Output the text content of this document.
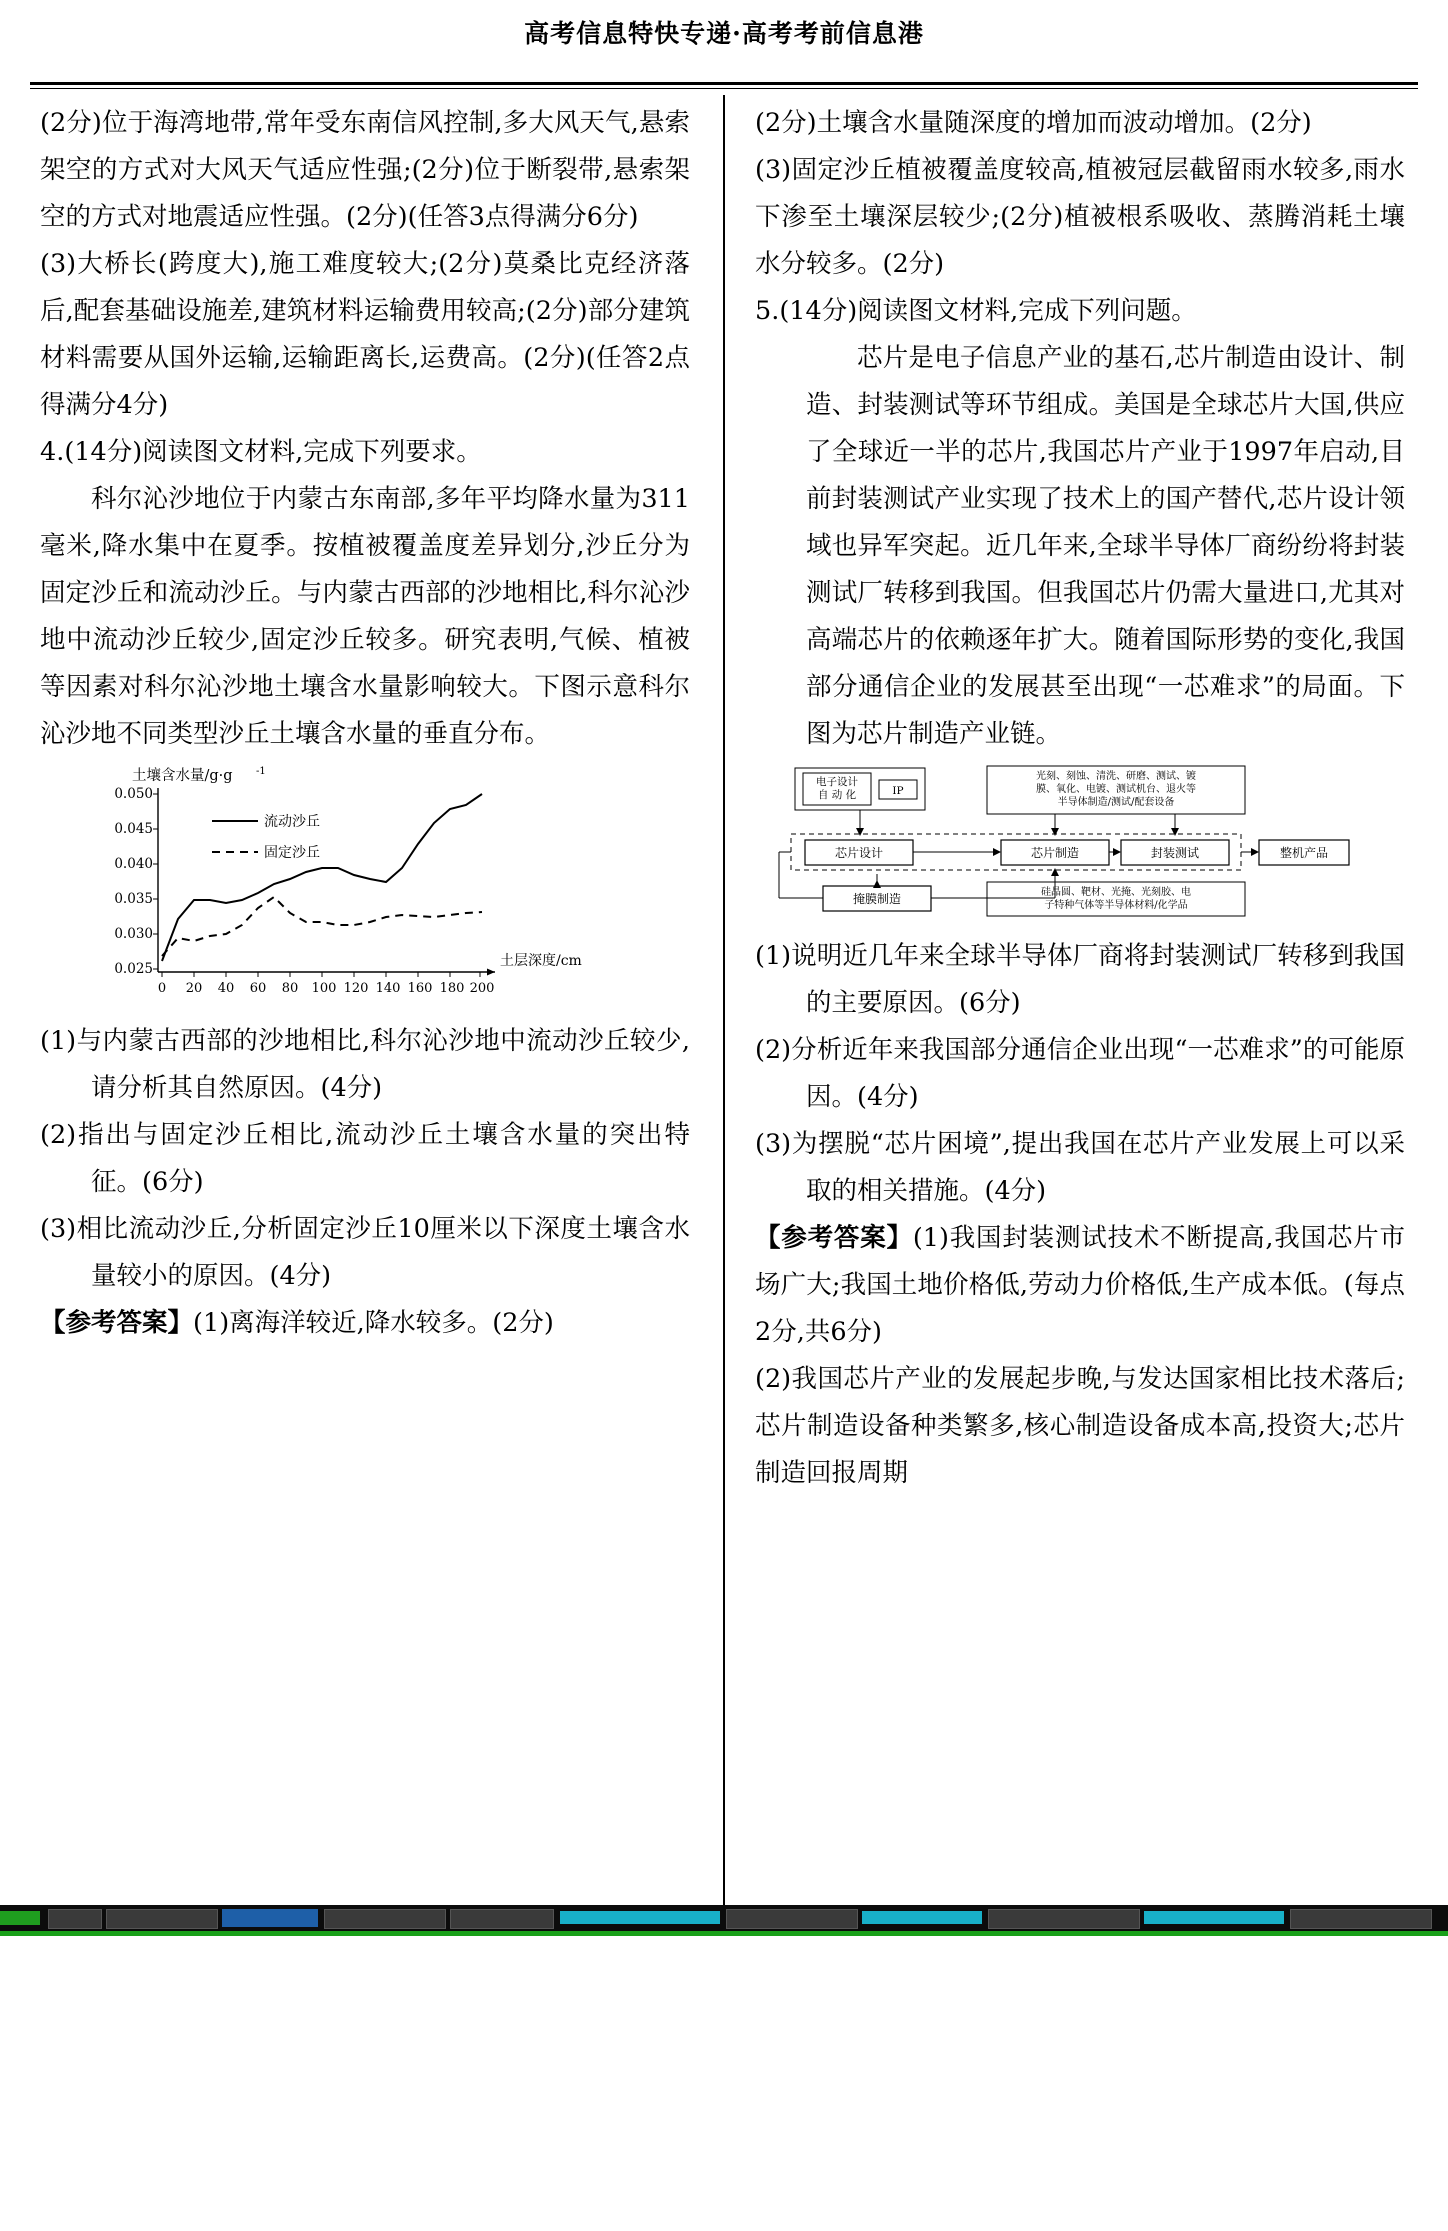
高考信息特快专递·高考考前信息港

(2分)位于海湾地带,常年受东南信风控制,多大风天气,悬索架空的方式对大风天气适应性强;(2分)位于断裂带,悬索架空的方式对地震适应性强。(2分)(任答3点得满分6分)

(3)大桥长(跨度大),施工难度较大;(2分)莫桑比克经济落后,配套基础设施差,建筑材料运输费用较高;(2分)部分建筑材料需要从国外运输,运输距离长,运费高。(2分)(任答2点得满分4分)

4.(14分)阅读图文材料,完成下列要求。

科尔沁沙地位于内蒙古东南部,多年平均降水量为311毫米,降水集中在夏季。按植被覆盖度差异划分,沙丘分为固定沙丘和流动沙丘。与内蒙古西部的沙地相比,科尔沁沙地中流动沙丘较少,固定沙丘较多。研究表明,气候、植被等因素对科尔沁沙地土壤含水量影响较大。下图示意科尔沁沙地不同类型沙丘土壤含水量的垂直分布。

土壤含水量/g·g -1
0.050
0.045
0.040
0.035
0.030
0.025
0 20 40 60 80 100 120 140 160 180 200
土层深度/cm
流动沙丘
固定沙丘

(1)与内蒙古西部的沙地相比,科尔沁沙地中流动沙丘较少,请分析其自然原因。(4分)

(2)指出与固定沙丘相比,流动沙丘土壤含水量的突出特征。(6分)

(3)相比流动沙丘,分析固定沙丘10厘米以下深度土壤含水量较小的原因。(4分)

【参考答案】(1)离海洋较近,降水较多。(2分)

(2分)土壤含水量随深度的增加而波动增加。(2分)

(3)固定沙丘植被覆盖度较高,植被冠层截留雨水较多,雨水下渗至土壤深层较少;(2分)植被根系吸收、蒸腾消耗土壤水分较多。(2分)

5.(14分)阅读图文材料,完成下列问题。

芯片是电子信息产业的基石,芯片制造由设计、制造、封装测试等环节组成。美国是全球芯片大国,供应了全球近一半的芯片,我国芯片产业于1997年启动,目前封装测试产业实现了技术上的国产替代,芯片设计领域也异军突起。近几年来,全球半导体厂商纷纷将封装测试厂转移到我国。但我国芯片仍需大量进口,尤其对高端芯片的依赖逐年扩大。随着国际形势的变化,我国部分通信企业的发展甚至出现“一芯难求”的局面。下图为芯片制造产业链。

电子设计
自 动 化	IP
光刻、刻蚀、清洗、研磨、测试、镀
膜、氧化、电镀、测试机台、退火等
半导体制造/测试/配套设备
芯片设计	芯片制造	封装测试	整机产品
掩膜制造	硅晶圆、靶材、光掩、光刻胶、电
子特种气体等半导体材料/化学品

(1)说明近几年来全球半导体厂商将封装测试厂转移到我国的主要原因。(6分)

(2)分析近年来我国部分通信企业出现“一芯难求”的可能原因。(4分)

(3)为摆脱“芯片困境”,提出我国在芯片产业发展上可以采取的相关措施。(4分)

【参考答案】(1)我国封装测试技术不断提高,我国芯片市场广大;我国土地价格低,劳动力价格低,生产成本低。(每点2分,共6分)

(2)我国芯片产业的发展起步晚,与发达国家相比技术落后;芯片制造设备种类繁多,核心制造设备成本高,投资大;芯片制造回报周期
